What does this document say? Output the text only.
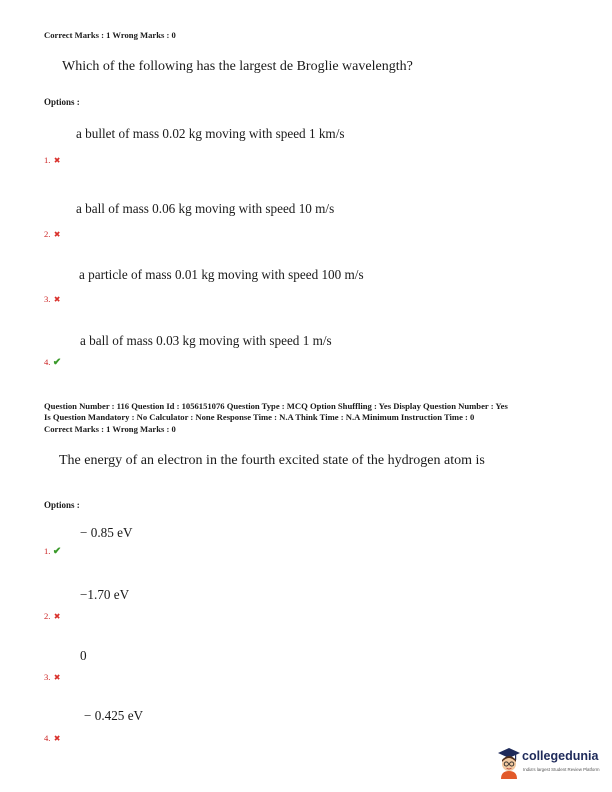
Correct Marks : 1 Wrong Marks : 0
Which of the following has the largest de Broglie wavelength?
Options :
a bullet of mass 0.02 kg moving with speed 1 km/s
1. ✖
a ball of mass 0.06 kg moving with speed 10 m/s
2. ✖
a particle of mass 0.01 kg moving with speed 100 m/s
3. ✖
a ball of mass 0.03 kg moving with speed 1 m/s
4. ✔
Question Number : 116 Question Id : 1056151076 Question Type : MCQ Option Shuffling : Yes Display Question Number : Yes
Is Question Mandatory : No Calculator : None Response Time : N.A Think Time : N.A Minimum Instruction Time : 0
Correct Marks : 1 Wrong Marks : 0
The energy of an electron in the fourth excited state of the hydrogen atom is
Options :
− 0.85 eV
1. ✔
−1.70 eV
2. ✖
0
3. ✖
− 0.425 eV
4. ✖
collegedunia
India's largest Student Review Platform
